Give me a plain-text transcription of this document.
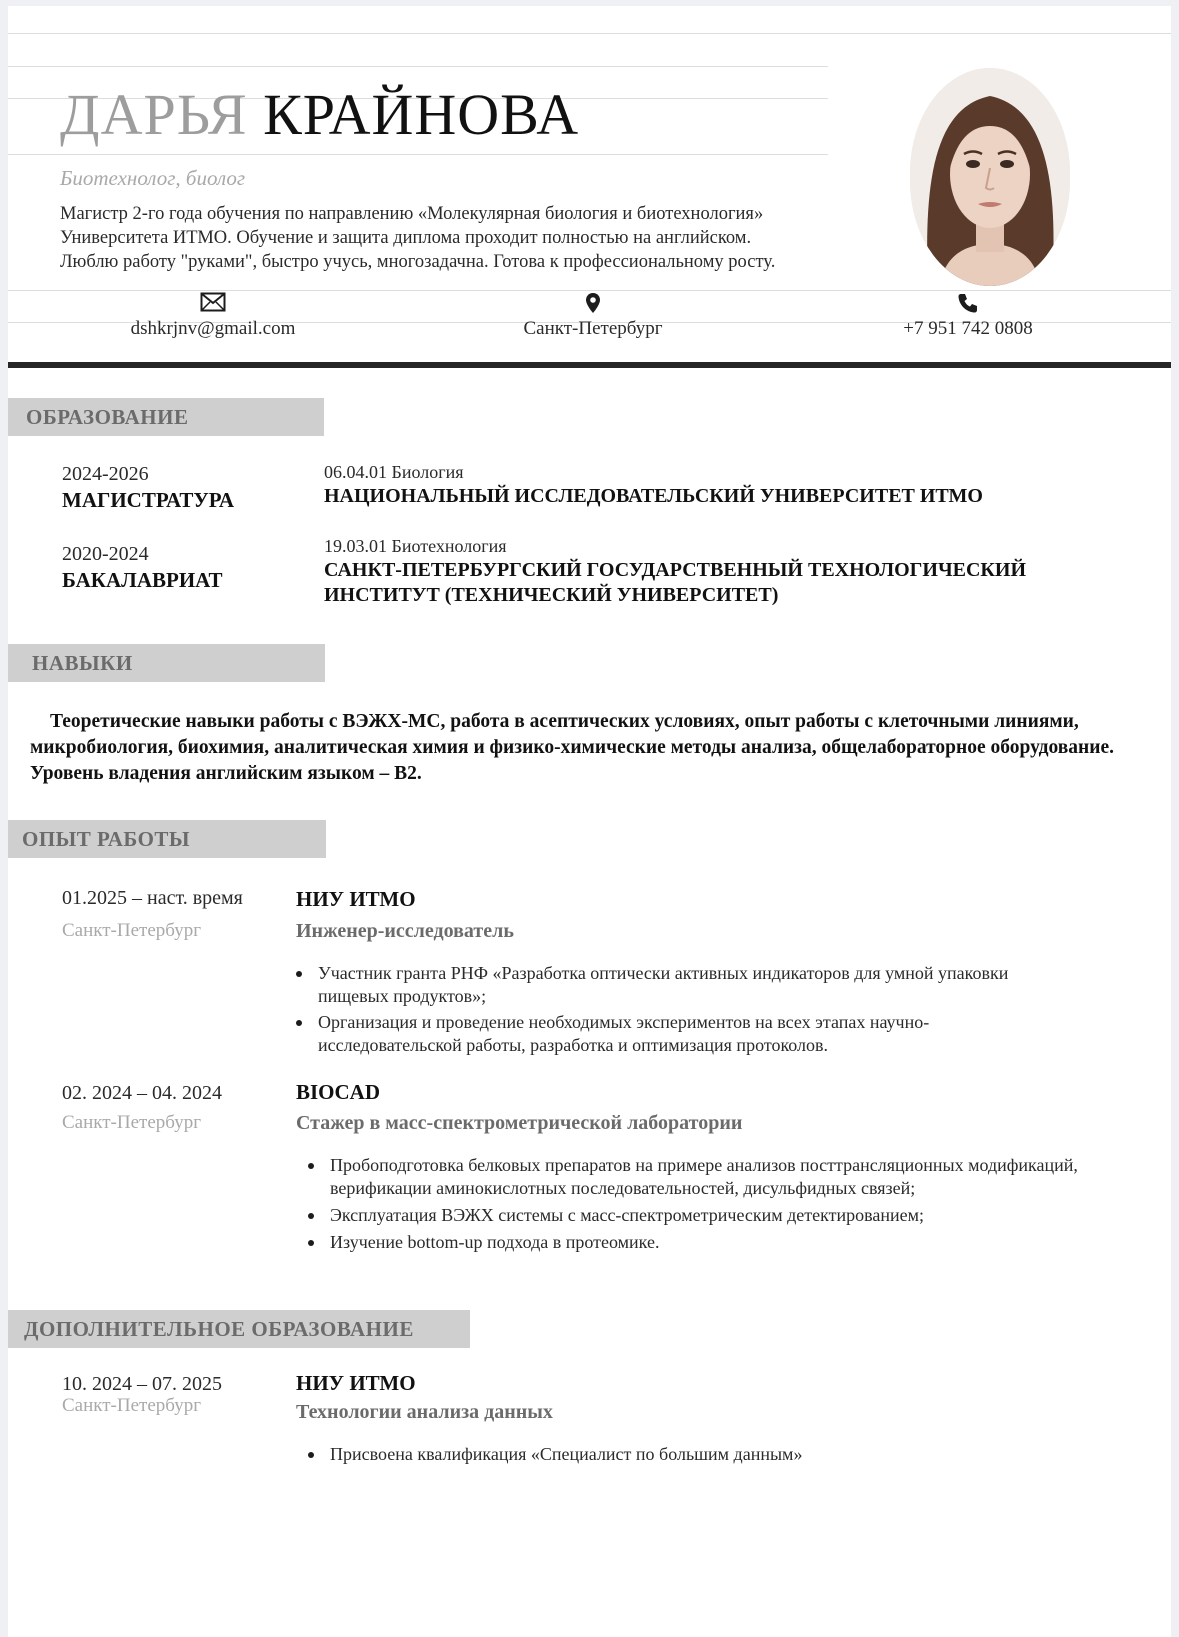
ДАРЬЯ КРАЙНОВА
Биотехнолог, биолог
Магистр 2-го года обучения по направлению «Молекулярная биология и биотехнология»
Университета ИТМО. Обучение и защита диплома проходит полностью на английском.
Люблю работу "руками", быстро учусь, многозадачна. Готова к профессиональному росту.
dshkrjnv@gmail.com	Санкт-Петербург	+7 951 742 0808
ОБРАЗОВАНИЕ
2024-2026
МАГИСТРАТУРА
06.04.01 Биология
НАЦИОНАЛЬНЫЙ ИССЛЕДОВАТЕЛЬСКИЙ УНИВЕРСИТЕТ ИТМО
2020-2024
БАКАЛАВРИАТ
19.03.01 Биотехнология
САНКТ-ПЕТЕРБУРГСКИЙ ГОСУДАРСТВЕННЫЙ ТЕХНОЛОГИЧЕСКИЙ ИНСТИТУТ (ТЕХНИЧЕСКИЙ УНИВЕРСИТЕТ)
НАВЫКИ
Теоретические навыки работы с ВЭЖХ-МС, работа в асептических условиях, опыт работы с клеточными линиями, микробиология, биохимия, аналитическая химия и физико-химические методы анализа, общелабораторное оборудование. Уровень владения английским языком – B2.
ОПЫТ РАБОТЫ
01.2025 – наст. время
Санкт-Петербург
НИУ ИТМО
Инженер-исследователь
Участник гранта РНФ «Разработка оптически активных индикаторов для умной упаковки пищевых продуктов»;
Организация и проведение необходимых экспериментов на всех этапах научно-исследовательской работы, разработка и оптимизация протоколов.
02. 2024 – 04. 2024
Санкт-Петербург
BIOCAD
Стажер в масс-спектрометрической лаборатории
Пробоподготовка белковых препаратов на примере анализов посттрансляционных модификаций, верификации аминокислотных последовательностей, дисульфидных связей;
Эксплуатация ВЭЖХ системы с масс-спектрометрическим детектированием;
Изучение bottom-up подхода в протеомике.
ДОПОЛНИТЕЛЬНОЕ ОБРАЗОВАНИЕ
10. 2024 – 07. 2025
Санкт-Петербург
НИУ ИТМО
Технологии анализа данных
Присвоена квалификация «Специалист по большим данным»
